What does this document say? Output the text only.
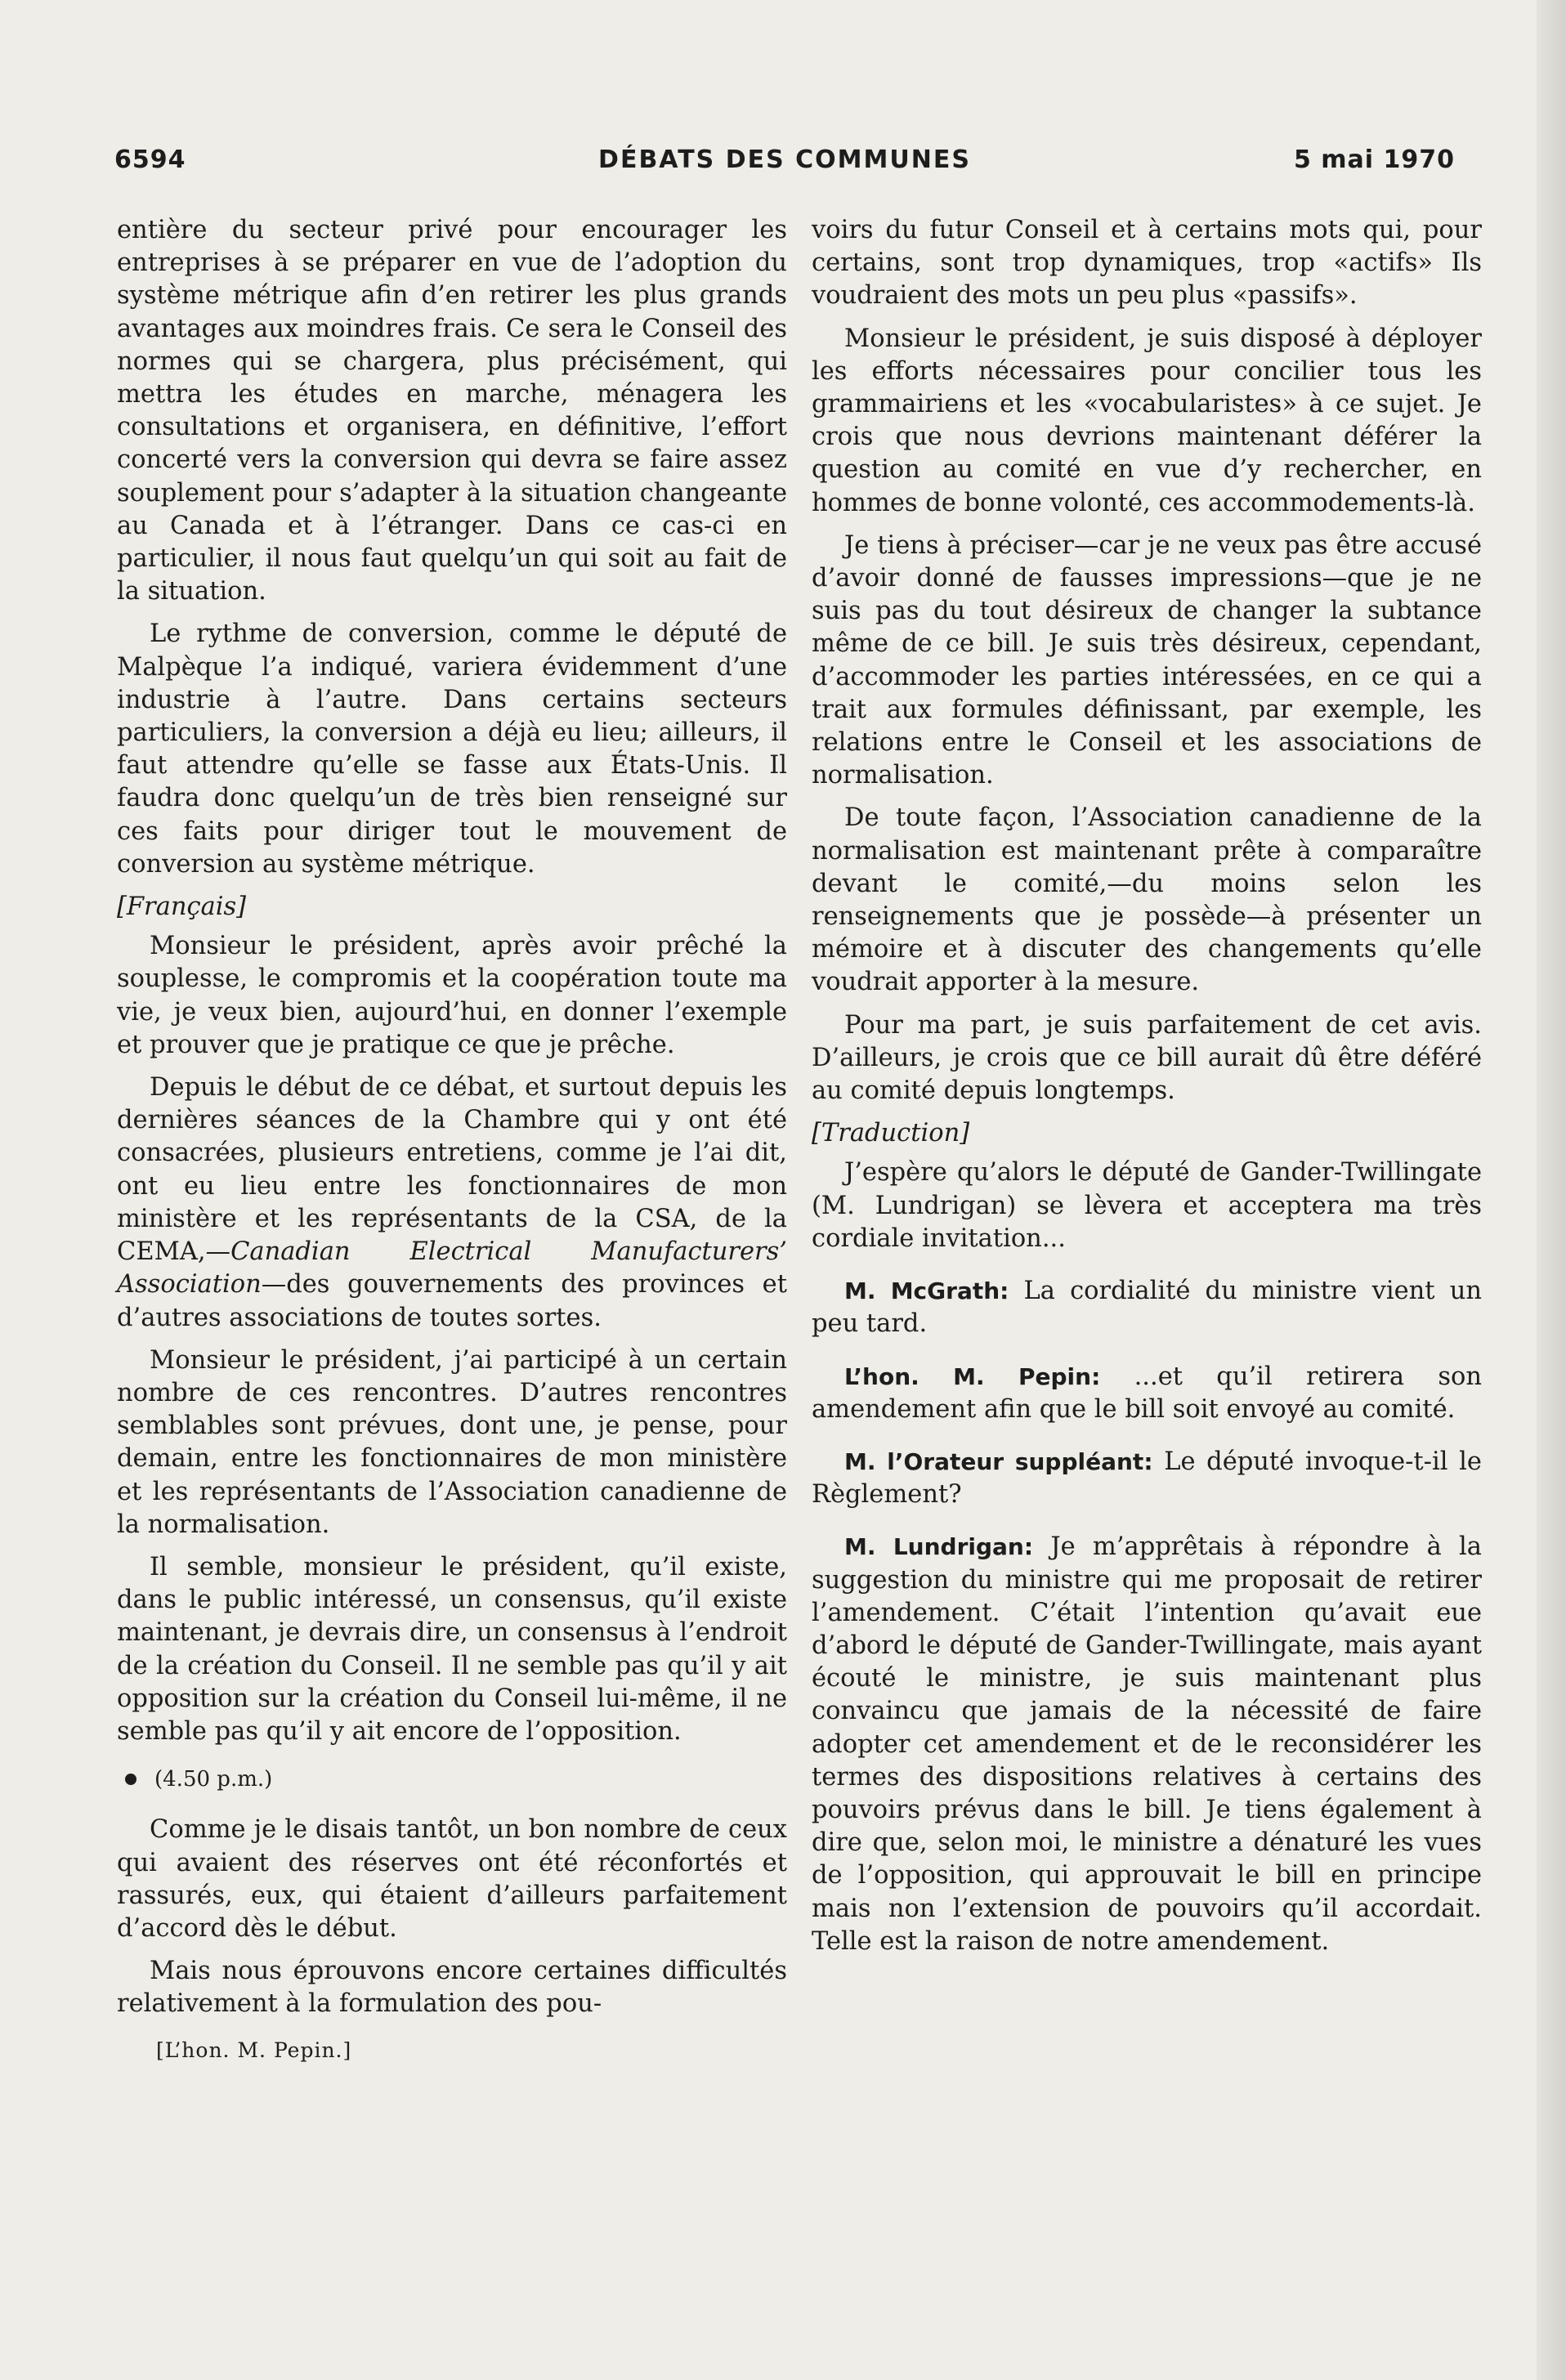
6594	DÉBATS DES COMMUNES	5 mai 1970

entière du secteur privé pour encourager les entreprises à se préparer en vue de l’adoption du système métrique afin d’en retirer les plus grands avantages aux moindres frais. Ce sera le Conseil des normes qui se chargera, plus précisément, qui mettra les études en marche, ménagera les consultations et organisera, en définitive, l’effort concerté vers la conversion qui devra se faire assez souplement pour s’adapter à la situation changeante au Canada et à l’étranger. Dans ce cas-ci en particulier, il nous faut quelqu’un qui soit au fait de la situation.

Le rythme de conversion, comme le député de Malpèque l’a indiqué, variera évidemment d’une industrie à l’autre. Dans certains secteurs particuliers, la conversion a déjà eu lieu; ailleurs, il faut attendre qu’elle se fasse aux États-Unis. Il faudra donc quelqu’un de très bien renseigné sur ces faits pour diriger tout le mouvement de conversion au système métrique.

[Français]

Monsieur le président, après avoir prêché la souplesse, le compromis et la coopération toute ma vie, je veux bien, aujourd’hui, en donner l’exemple et prouver que je pratique ce que je prêche.

Depuis le début de ce débat, et surtout depuis les dernières séances de la Chambre qui y ont été consacrées, plusieurs entretiens, comme je l’ai dit, ont eu lieu entre les fonctionnaires de mon ministère et les représentants de la CSA, de la CEMA,—Canadian Electrical Manufacturers’ Association—des gouvernements des provinces et d’autres associations de toutes sortes.

Monsieur le président, j’ai participé à un certain nombre de ces rencontres. D’autres rencontres semblables sont prévues, dont une, je pense, pour demain, entre les fonctionnaires de mon ministère et les représentants de l’Association canadienne de la normalisation.

Il semble, monsieur le président, qu’il existe, dans le public intéressé, un consensus, qu’il existe maintenant, je devrais dire, un consensus à l’endroit de la création du Conseil. Il ne semble pas qu’il y ait opposition sur la création du Conseil lui-même, il ne semble pas qu’il y ait encore de l’opposition.

(4.50 p.m.)

Comme je le disais tantôt, un bon nombre de ceux qui avaient des réserves ont été réconfortés et rassurés, eux, qui étaient d’ailleurs parfaitement d’accord dès le début.

Mais nous éprouvons encore certaines difficultés relativement à la formulation des pou-

[L’hon. M. Pepin.]

voirs du futur Conseil et à certains mots qui, pour certains, sont trop dynamiques, trop «actifs» Ils voudraient des mots un peu plus «passifs».

Monsieur le président, je suis disposé à déployer les efforts nécessaires pour concilier tous les grammairiens et les «vocabularistes» à ce sujet. Je crois que nous devrions maintenant déférer la question au comité en vue d’y rechercher, en hommes de bonne volonté, ces accommodements-là.

Je tiens à préciser—car je ne veux pas être accusé d’avoir donné de fausses impressions—que je ne suis pas du tout désireux de changer la subtance même de ce bill. Je suis très désireux, cependant, d’accommoder les parties intéressées, en ce qui a trait aux formules définissant, par exemple, les relations entre le Conseil et les associations de normalisation.

De toute façon, l’Association canadienne de la normalisation est maintenant prête à comparaître devant le comité,—du moins selon les renseignements que je possède—à présenter un mémoire et à discuter des changements qu’elle voudrait apporter à la mesure.

Pour ma part, je suis parfaitement de cet avis. D’ailleurs, je crois que ce bill aurait dû être déféré au comité depuis longtemps.

[Traduction]

J’espère qu’alors le député de Gander-Twillingate (M. Lundrigan) se lèvera et acceptera ma très cordiale invitation...

M. McGrath: La cordialité du ministre vient un peu tard.

L’hon. M. Pepin: ...et qu’il retirera son amendement afin que le bill soit envoyé au comité.

M. l’Orateur suppléant: Le député invoque-t-il le Règlement?

M. Lundrigan: Je m’apprêtais à répondre à la suggestion du ministre qui me proposait de retirer l’amendement. C’était l’intention qu’avait eue d’abord le député de Gander-Twillingate, mais ayant écouté le ministre, je suis maintenant plus convaincu que jamais de la nécessité de faire adopter cet amendement et de le reconsidérer les termes des dispositions relatives à certains des pouvoirs prévus dans le bill. Je tiens également à dire que, selon moi, le ministre a dénaturé les vues de l’opposition, qui approuvait le bill en principe mais non l’extension de pouvoirs qu’il accordait. Telle est la raison de notre amendement.
